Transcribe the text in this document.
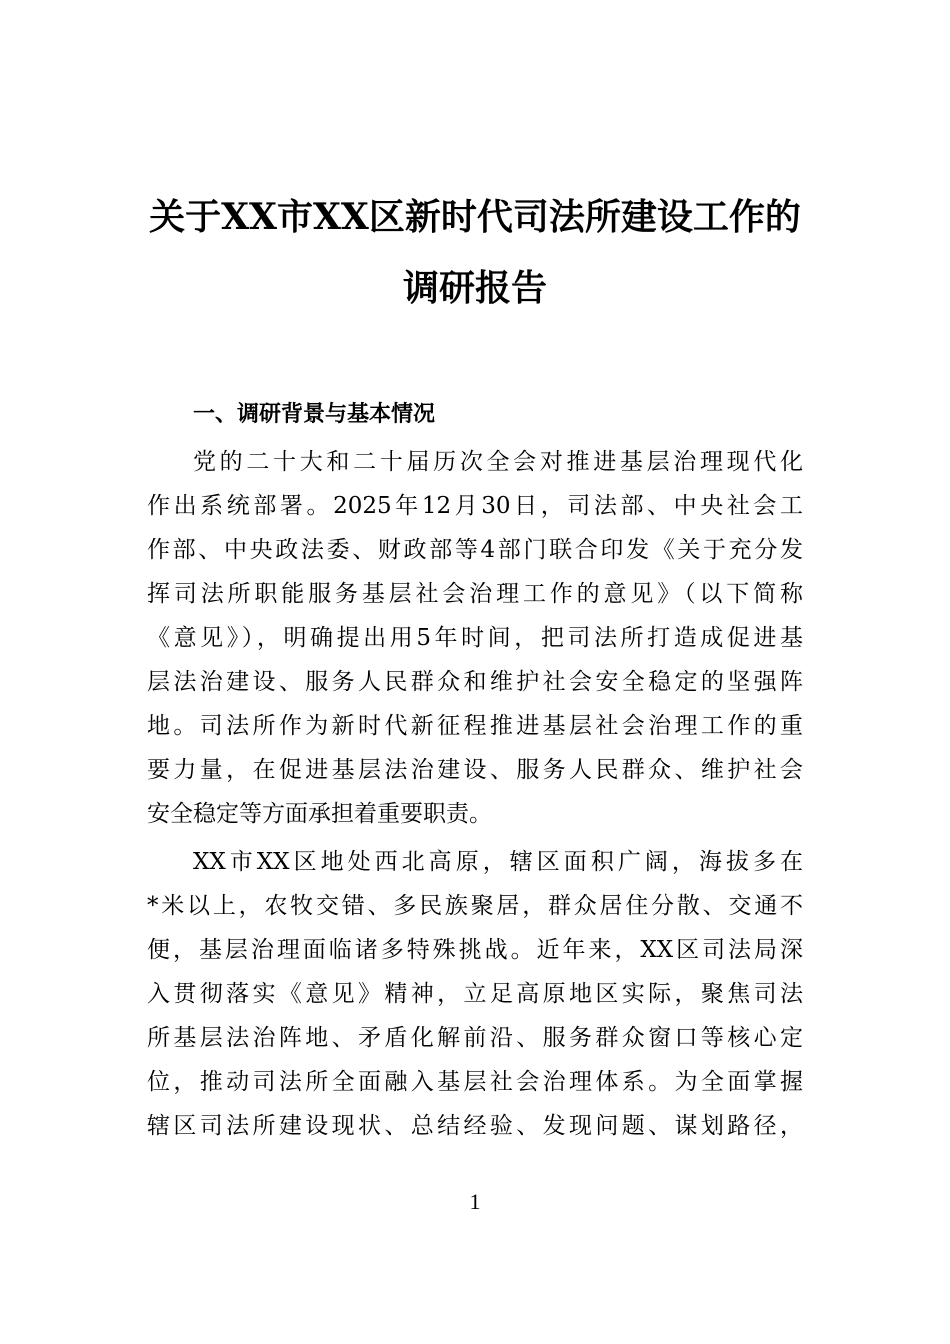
关于XX市XX区新时代司法所建设工作的
调研报告
一、调研背景与基本情况
党的二十大和二十届历次全会对推进基层治理现代化
作出系统部署。2025年12月30日，司法部、中央社会工
作部、中央政法委、财政部等4部门联合印发《关于充分发
挥司法所职能服务基层社会治理工作的意见》（以下简称
《意见》），明确提出用5年时间，把司法所打造成促进基
层法治建设、服务人民群众和维护社会安全稳定的坚强阵
地。司法所作为新时代新征程推进基层社会治理工作的重
要力量，在促进基层法治建设、服务人民群众、维护社会
安全稳定等方面承担着重要职责。
XX市XX区地处西北高原，辖区面积广阔，海拔多在
*米以上，农牧交错、多民族聚居，群众居住分散、交通不
便，基层治理面临诸多特殊挑战。近年来，XX区司法局深
入贯彻落实《意见》精神，立足高原地区实际，聚焦司法
所基层法治阵地、矛盾化解前沿、服务群众窗口等核心定
位，推动司法所全面融入基层社会治理体系。为全面掌握
辖区司法所建设现状、总结经验、发现问题、谋划路径，
1
